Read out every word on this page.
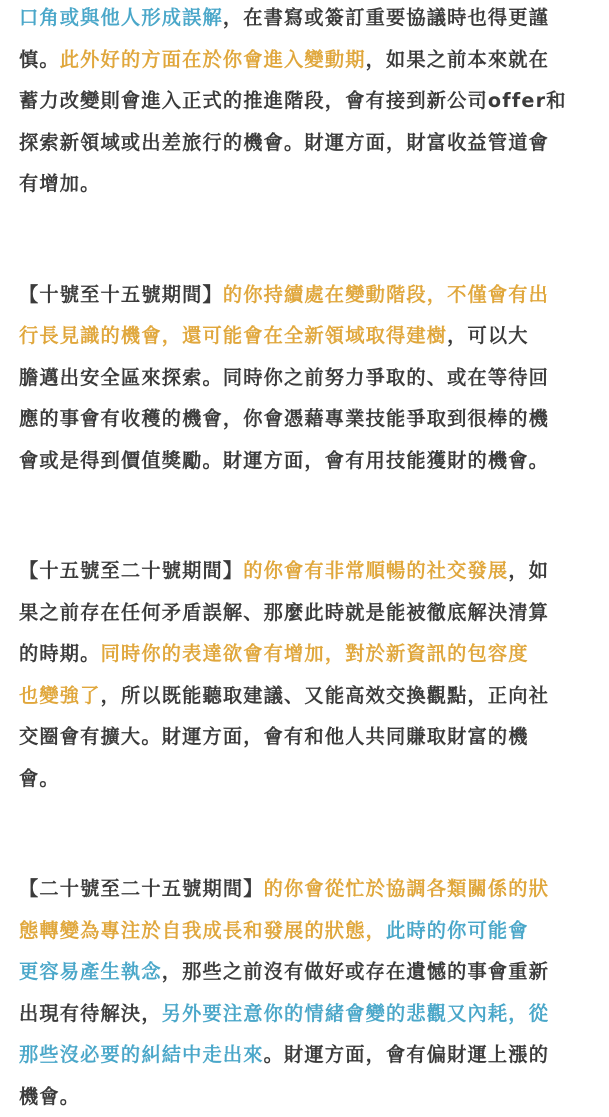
口角或與他人形成誤解，在書寫或簽訂重要協議時也得更謹
慎。此外好的方面在於你會進入變動期，如果之前本來就在
蓄力改變則會進入正式的推進階段，會有接到新公司offer和
探索新領域或出差旅行的機會。財運方面，財富收益管道會
有增加。
【十號至十五號期間】的你持續處在變動階段，不僅會有出
行長見識的機會，還可能會在全新領域取得建樹，可以大
膽邁出安全區來探索。同時你之前努力爭取的、或在等待回
應的事會有收穫的機會，你會憑藉專業技能爭取到很棒的機
會或是得到價值獎勵。財運方面，會有用技能獲財的機會。
【十五號至二十號期間】的你會有非常順暢的社交發展，如
果之前存在任何矛盾誤解、那麼此時就是能被徹底解決清算
的時期。同時你的表達欲會有增加，對於新資訊的包容度
也變強了，所以既能聽取建議、又能高效交換觀點，正向社
交圈會有擴大。財運方面，會有和他人共同賺取財富的機
會。
【二十號至二十五號期間】的你會從忙於協調各類關係的狀
態轉變為專注於自我成長和發展的狀態，此時的你可能會
更容易產生執念，那些之前沒有做好或存在遺憾的事會重新
出現有待解決，另外要注意你的情緒會變的悲觀又內耗，從
那些沒必要的糾結中走出來。財運方面，會有偏財運上漲的
機會。
